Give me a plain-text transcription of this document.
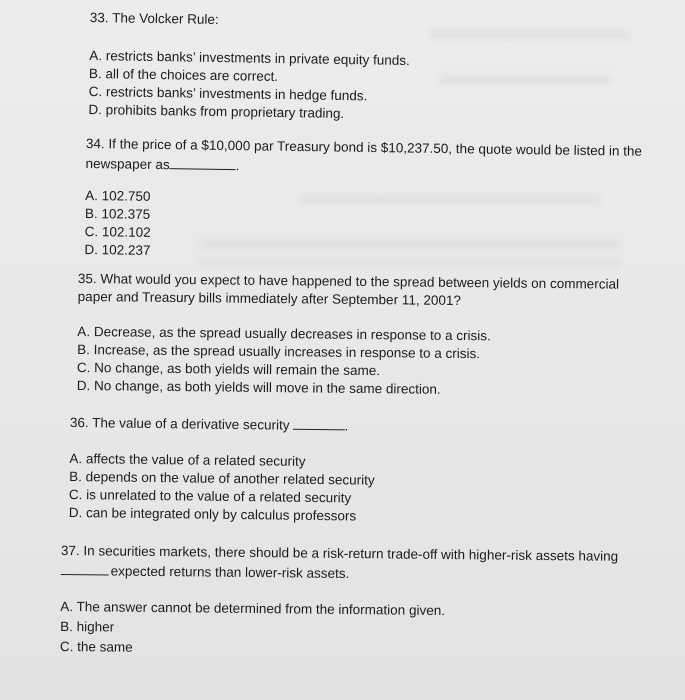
33. The Volcker Rule:
A. restricts banks’ investments in private equity funds.
B. all of the choices are correct.
C. restricts banks’ investments in hedge funds.
D. prohibits banks from proprietary trading.
34. If the price of a $10,000 par Treasury bond is $10,237.50, the quote would be listed in the
newspaper as	.
A. 102.750
B. 102.375
C. 102.102
D. 102.237
35. What would you expect to have happened to the spread between yields on commercial
paper and Treasury bills immediately after September 11, 2001?
A. Decrease, as the spread usually decreases in response to a crisis.
B. Increase, as the spread usually increases in response to a crisis.
C. No change, as both yields will remain the same.
D. No change, as both yields will move in the same direction.
36. The value of a derivative security	.
A. affects the value of a related security
B. depends on the value of another related security
C. is unrelated to the value of a related security
D. can be integrated only by calculus professors
37. In securities markets, there should be a risk-return trade-off with higher-risk assets having
expected returns than lower-risk assets.
A. The answer cannot be determined from the information given.
B. higher
C. the same
